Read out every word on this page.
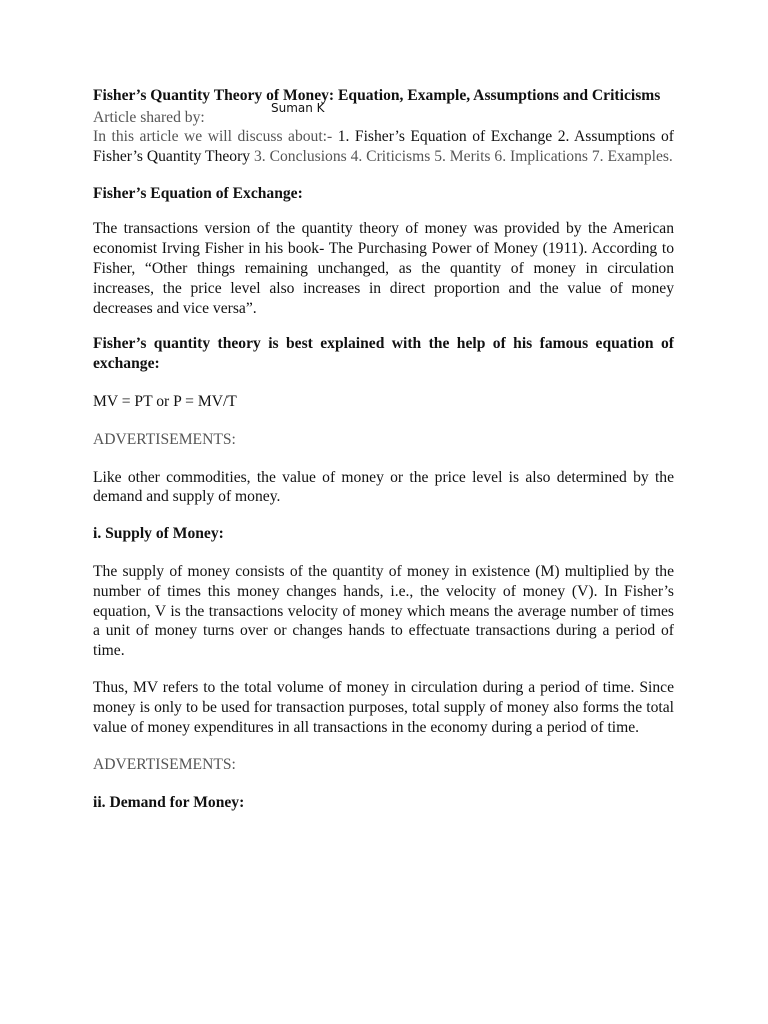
Fisher’s Quantity Theory of Money: Equation, Example, Assumptions and Criticisms
Article shared by:
Suman K

In this article we will discuss about:- 1. Fisher’s Equation of Exchange 2. Assumptions of Fisher’s Quantity Theory 3. Conclusions 4. Criticisms 5. Merits 6. Implications 7. Examples.

Fisher’s Equation of Exchange:

The transactions version of the quantity theory of money was provided by the American economist Irving Fisher in his book- The Purchasing Power of Money (1911). According to Fisher, “Other things remaining unchanged, as the quantity of money in circulation increases, the price level also increases in direct proportion and the value of money decreases and vice versa”.

Fisher’s quantity theory is best explained with the help of his famous equation of exchange:

MV = PT or P = MV/T

ADVERTISEMENTS:

Like other commodities, the value of money or the price level is also determined by the demand and supply of money.

i. Supply of Money:

The supply of money consists of the quantity of money in existence (M) multiplied by the number of times this money changes hands, i.e., the velocity of money (V). In Fisher’s equation, V is the transactions velocity of money which means the average number of times a unit of money turns over or changes hands to effectuate transactions during a period of time.

Thus, MV refers to the total volume of money in circulation during a period of time. Since money is only to be used for transaction purposes, total supply of money also forms the total value of money expenditures in all transactions in the economy during a period of time.

ADVERTISEMENTS:

ii. Demand for Money:
